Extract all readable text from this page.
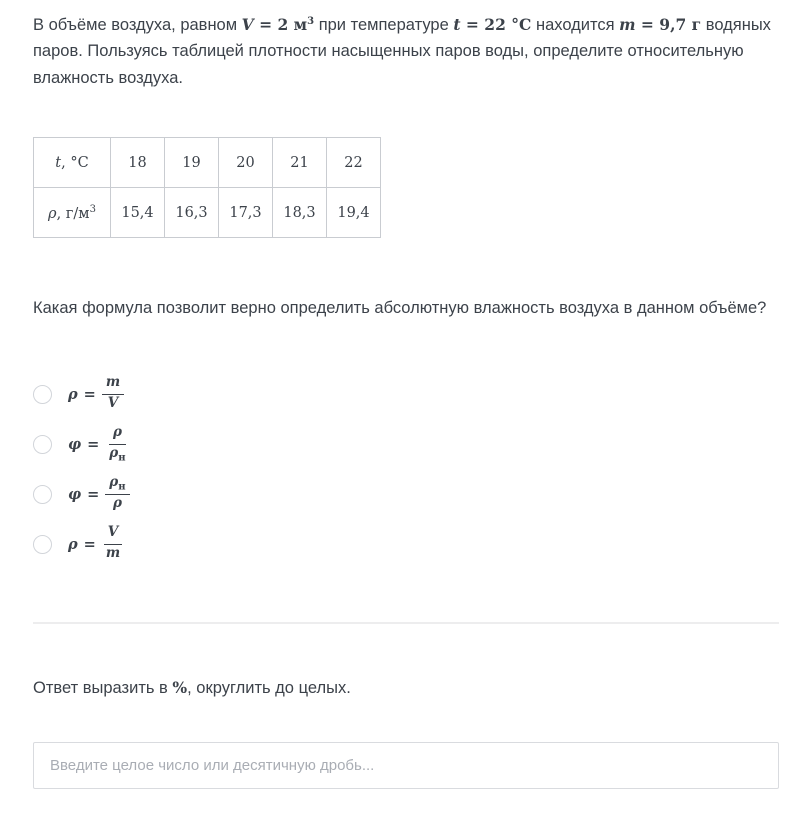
В объёме воздуха, равном V = 2 $м^3$ при температуре t = 22 °C находится m = 9,7 г водяных паров. Пользуясь таблицей плотности насыщенных паров воды, определите относительную влажность воздуха.

t, °C	18	19	20	21	22
ρ, $г/м^3$	15,4	16,3	17,3	18,3	19,4

Какая формула позволит верно определить абсолютную влажность воздуха в данном объёме?

$\rho = \frac{m}{V}$
$\varphi = \frac{\rho}{\rho_н}$
$\varphi = \frac{\rho_н}{\rho}$
$\rho = \frac{V}{m}$

Ответ выразить в %, округлить до целых.

Введите целое число или десятичную дробь...
